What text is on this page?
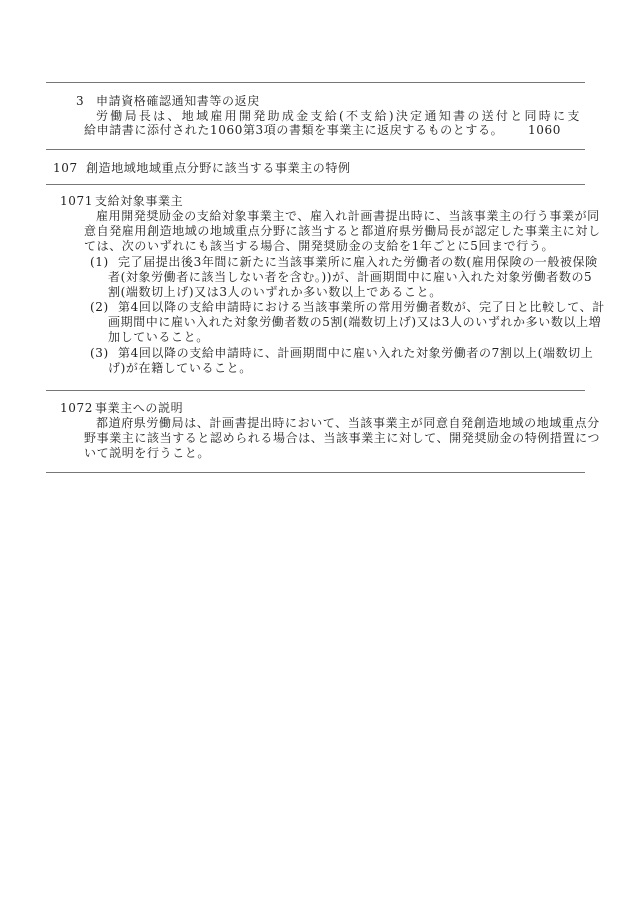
3 申請資格確認通知書等の返戻
労働局長は、地域雇用開発助成金支給(不支給)決定通知書の送付と同時に支
給申請書に添付された1060第3項の書類を事業主に返戻するものとする。 1060
107 創造地域地域重点分野に該当する事業主の特例
1071 支給対象事業主
雇用開発奨励金の支給対象事業主で、雇入れ計画書提出時に、当該事業主の行う事業が同
意自発雇用創造地域の地域重点分野に該当すると都道府県労働局長が認定した事業主に対し
ては、次のいずれにも該当する場合、開発奨励金の支給を1年ごとに5回まで行う。
(1) 完了届提出後3年間に新たに当該事業所に雇入れた労働者の数(雇用保険の一般被保険
者(対象労働者に該当しない者を含む。))が、計画期間中に雇い入れた対象労働者数の5
割(端数切上げ)又は3人のいずれか多い数以上であること。
(2) 第4回以降の支給申請時における当該事業所の常用労働者数が、完了日と比較して、計
画期間中に雇い入れた対象労働者数の5割(端数切上げ)又は3人のいずれか多い数以上増
加していること。
(3) 第4回以降の支給申請時に、計画期間中に雇い入れた対象労働者の7割以上(端数切上
げ)が在籍していること。
1072 事業主への説明
都道府県労働局は、計画書提出時において、当該事業主が同意自発創造地域の地域重点分
野事業主に該当すると認められる場合は、当該事業主に対して、開発奨励金の特例措置につ
いて説明を行うこと。
